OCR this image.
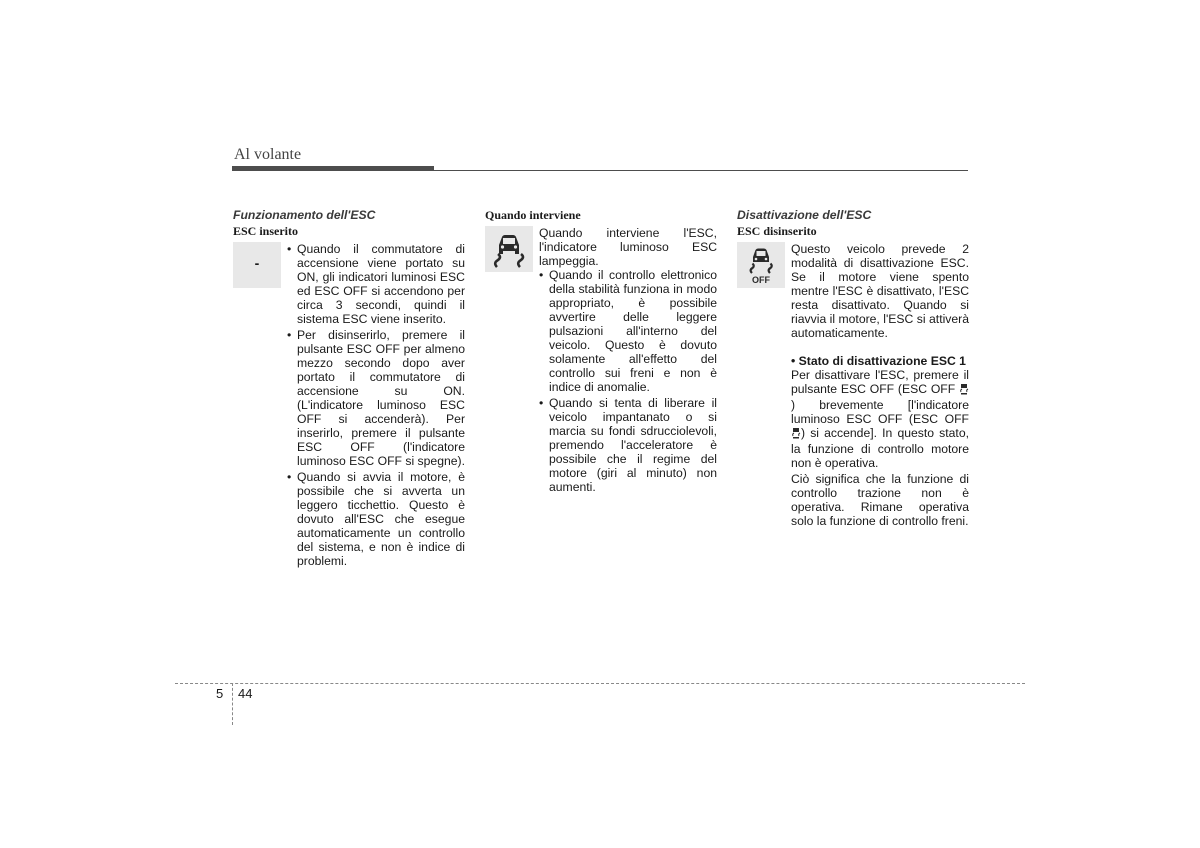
Al volante
Funzionamento dell'ESC
ESC inserito
-
• Quando il commutatore di accensione viene portato su ON, gli indicatori luminosi ESC ed ESC OFF si accendono per circa 3 secondi, quindi il sistema ESC viene inserito.
• Per disinserirlo, premere il pulsante ESC OFF per almeno mezzo secondo dopo aver portato il commutatore di accensione su ON. (L'indicatore luminoso ESC OFF si accenderà). Per inserirlo, premere il pulsante ESC OFF (l'indicatore luminoso ESC OFF si spegne).
• Quando si avvia il motore, è possibile che si avverta un leggero ticchettio. Questo è dovuto all'ESC che esegue automaticamente un controllo del sistema, e non è indice di problemi.
Quando interviene

Quando interviene l'ESC, l'indicatore luminoso ESC lampeggia.

• Quando il controllo elettronico della stabilità funziona in modo appropriato, è possibile avvertire delle leggere pulsazioni all'interno del veicolo. Questo è dovuto solamente all'effetto del controllo sui freni e non è indice di anomalie.
• Quando si tenta di liberare il veicolo impantanato o si marcia su fondi sdrucciolevoli, premendo l'acceleratore è possibile che il regime del motore (giri al minuto) non aumenti.
Disattivazione dell'ESC
ESC disinserito
OFF

Questo veicolo prevede 2 modalità di disattivazione ESC. Se il motore viene spento mentre l'ESC è disattivato, l'ESC resta disattivato. Quando si riavvia il motore, l'ESC si attiverà automaticamente.

• Stato di disattivazione ESC 1

Per disattivare l'ESC, premere il pulsante ESC OFF (ESC OFF ) brevemente [l'indicatore luminoso ESC OFF (ESC OFF ) si accende]. In questo stato, la funzione di controllo motore non è operativa.

Ciò significa che la funzione di controllo trazione non è operativa. Rimane operativa solo la funzione di controllo freni.

5 44
